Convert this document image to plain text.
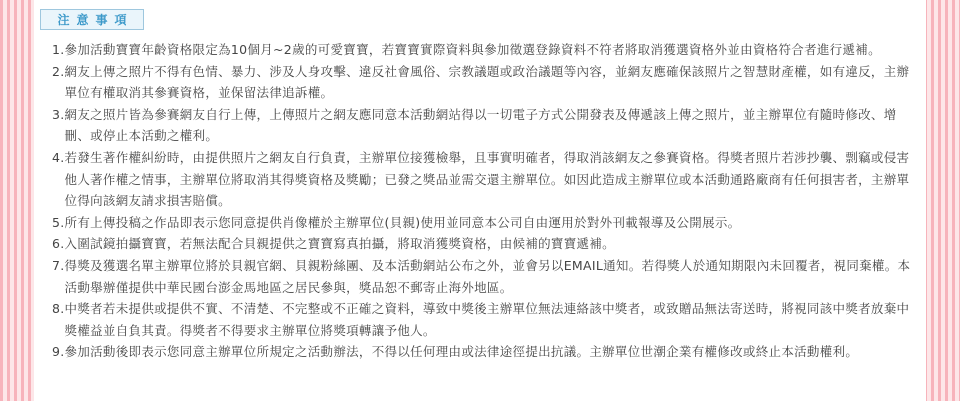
注意事項
1. 參加活動寶寶年齡資格限定為10個月~2歲的可愛寶寶，若寶寶實際資料與參加徵選登錄資料不符者將取消獲選資格外並由資格符合者進行遞補。
2. 網友上傳之照片不得有色情、暴力、涉及人身攻擊、違反社會風俗、宗教議題或政治議題等內容，並網友應確保該照片之智慧財產權，如有違反，主辦單位有權取消其參賽資格，並保留法律追訴權。
3. 網友之照片皆為參賽網友自行上傳，上傳照片之網友應同意本活動網站得以一切電子方式公開發表及傳遞該上傳之照片，並主辦單位有隨時修改、增刪、或停止本活動之權利。
4. 若發生著作權糾紛時，由提供照片之網友自行負責，主辦單位接獲檢舉，且事實明確者，得取消該網友之參賽資格。得獎者照片若涉抄襲、剽竊或侵害他人著作權之情事，主辦單位將取消其得獎資格及獎勵；已發之獎品並需交還主辦單位。如因此造成主辦單位或本活動通路廠商有任何損害者，主辦單位得向該網友請求損害賠償。
5. 所有上傳投稿之作品即表示您同意提供肖像權於主辦單位(貝親)使用並同意本公司自由運用於對外刊載報導及公開展示。
6. 入圍試鏡拍攝寶寶，若無法配合貝親提供之寶寶寫真拍攝，將取消獲獎資格，由候補的寶寶遞補。
7. 得獎及獲選名單主辦單位將於貝親官網、貝親粉絲團、及本活動網站公布之外，並會另以EMAIL通知。若得獎人於通知期限內未回覆者，視同棄權。本活動舉辦僅提供中華民國台澎金馬地區之居民參與，獎品恕不郵寄止海外地區。
8. 中獎者若未提供或提供不實、不清楚、不完整或不正確之資料，導致中獎後主辦單位無法連絡該中獎者，或致贈品無法寄送時，將視同該中獎者放棄中獎權益並自負其責。得獎者不得要求主辦單位將獎項轉讓予他人。
9. 參加活動後即表示您同意主辦單位所規定之活動辦法，不得以任何理由或法律途徑提出抗議。主辦單位世潮企業有權修改或終止本活動權利。
